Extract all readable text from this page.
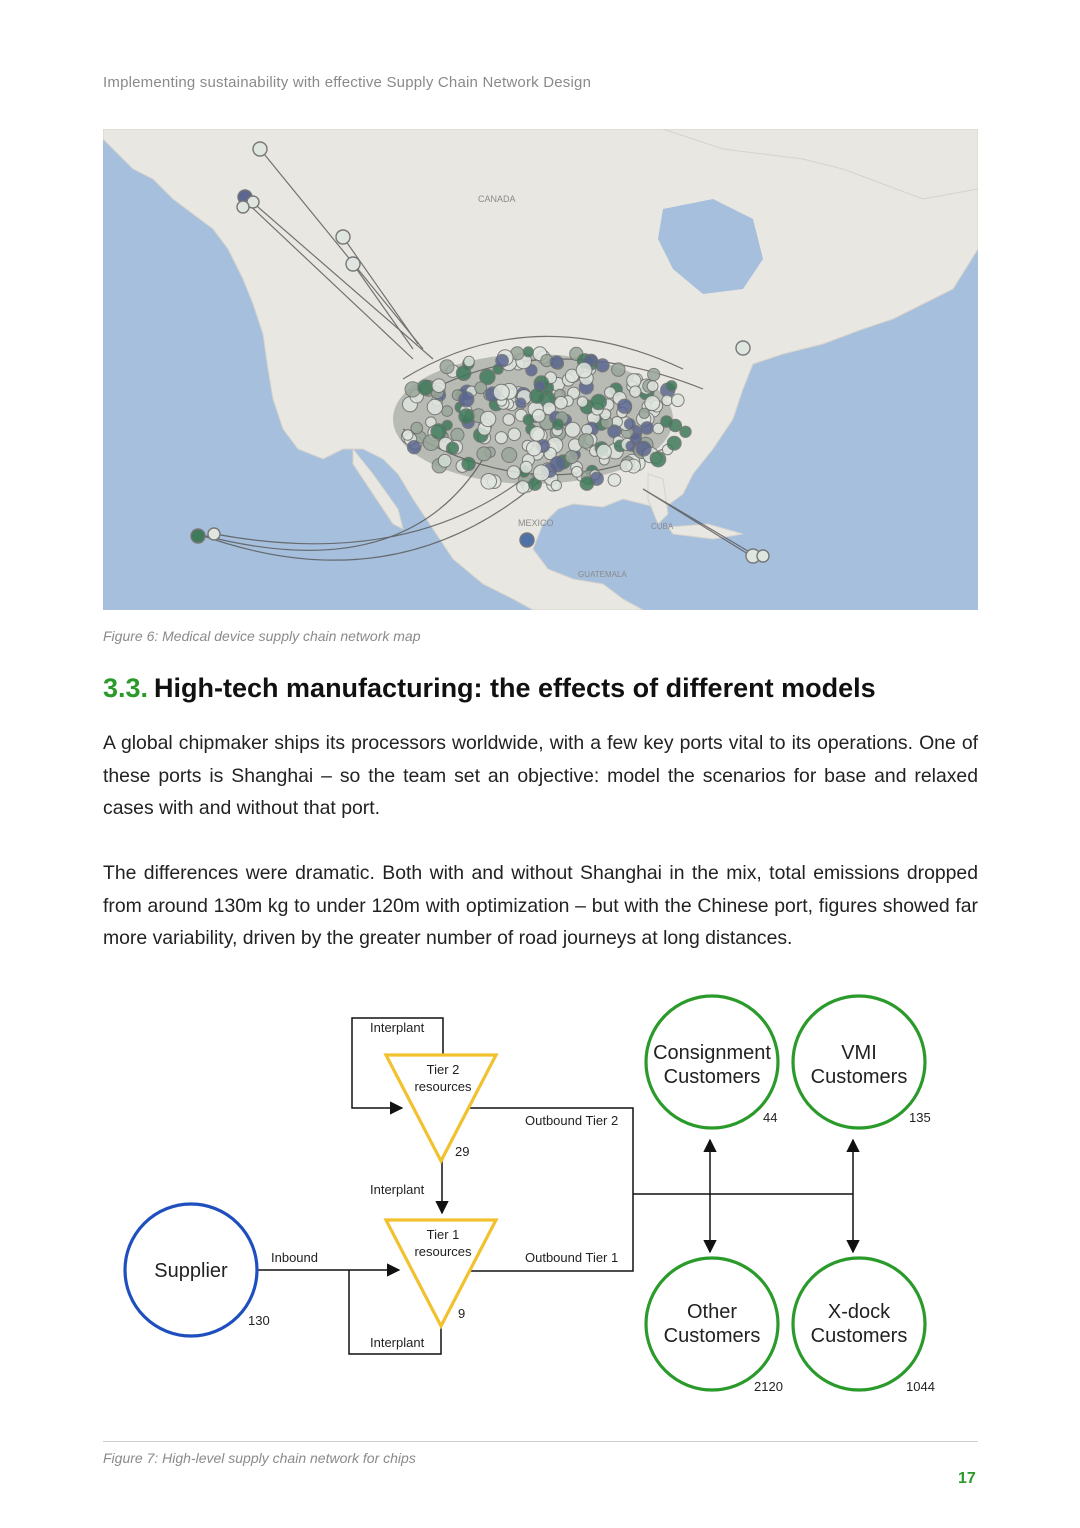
Implementing sustainability with effective Supply Chain Network Design
CANADA
MEXICO	CUBA
GUATEMALA
Figure 6: Medical device supply chain network map
3.3. High-tech manufacturing: the effects of different models

A global chipmaker ships its processors worldwide, with a few key ports vital to its operations. One of these ports is Shanghai – so the team set an objective: model the scenarios for base and relaxed cases with and without that port.

The differences were dramatic. Both with and without Shanghai in the mix, total emissions dropped from around 130m kg to under 120m with optimization – but with the Chinese port, figures showed far more variability, driven by the greater number of road journeys at long distances.

Interplant
Interplant
Interplant
Inbound
Outbound Tier 2
Outbound Tier 1
Supplier
130
Tier 2
resources
29
Tier 1
resources
9
Consignment
Customers
44
VMI
Customers
135
Other
Customers
2120
X-dock
Customers
1044
Figure 7: High-level supply chain network for chips
17
